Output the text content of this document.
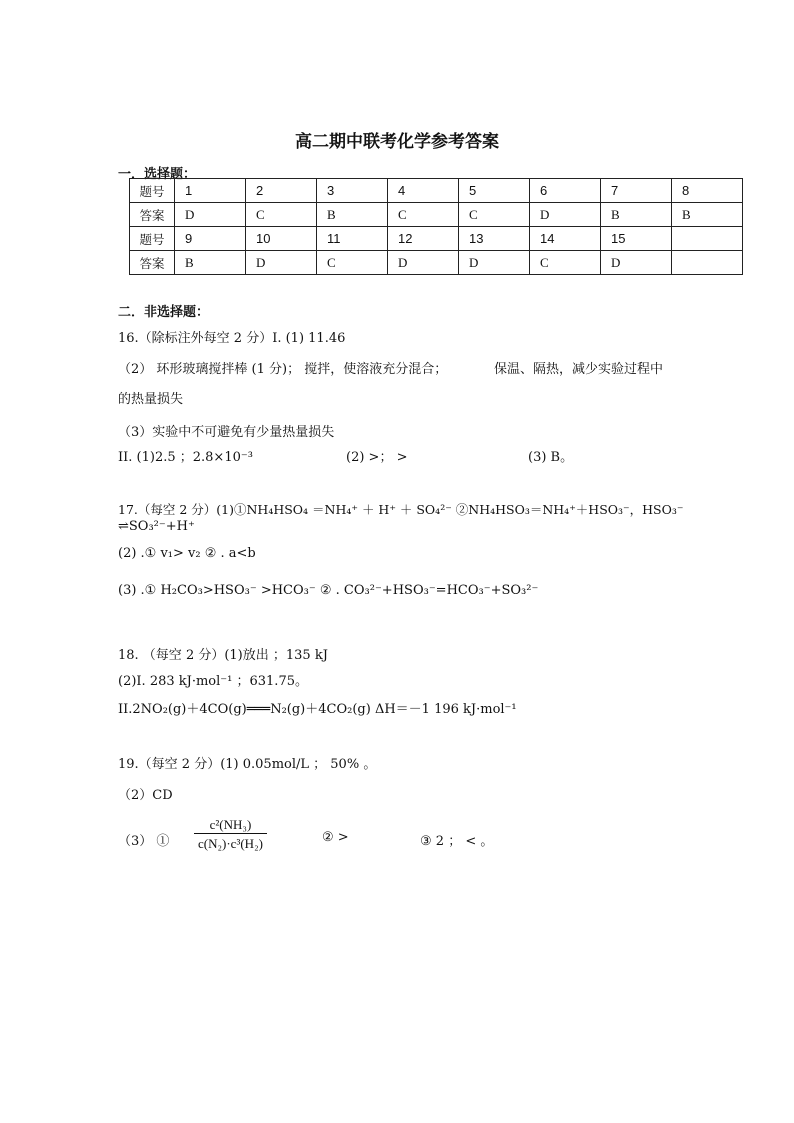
高二期中联考化学参考答案
一．选择题：
题号	1	2	3	4	5	6	7	8
答案	D	C	B	C	C	D	B	B
题号	9	10	11	12	13	14	15	
答案	B	D	C	D	D	C	D	
二．非选择题：
16.（除标注外每空 2 分）I. (1) 11.46
（2） 环形玻璃搅拌棒 (1 分)； 搅拌，使溶液充分混合；	保温、隔热，减少实验过程中
的热量损失
（3）实验中不可避免有少量热量损失
II. (1)2.5 ；2.8×10⁻³	(2) >； >	(3) B。
17.（每空 2 分）(1)①NH₄HSO₄ ＝NH₄⁺ ＋ H⁺ ＋ SO₄²⁻ ②NH₄HSO₃＝NH₄⁺＋HSO₃⁻，HSO₃⁻
⇌SO₃²⁻+H⁺
(2) .① v₁> v₂ ② . a<b
(3) .① H₂CO₃>HSO₃⁻ >HCO₃⁻ ② . CO₃²⁻+HSO₃⁻=HCO₃⁻+SO₃²⁻
18. （每空 2 分）(1)放出 ；135 kJ
(2)I. 283 kJ·mol⁻¹ ；631.75。
II.2NO₂(g)＋4CO(g)═══N₂(g)＋4CO₂(g) ΔH＝－1 196 kJ·mol⁻¹
19.（每空 2 分）(1) 0.05mol/L ； 50% 。
（2）CD
（3） ① $\frac{\text{c²(NH₃)}}{\text{c(N₂)·c³(H₂)}}$	② >	③ 2 ； < 。
